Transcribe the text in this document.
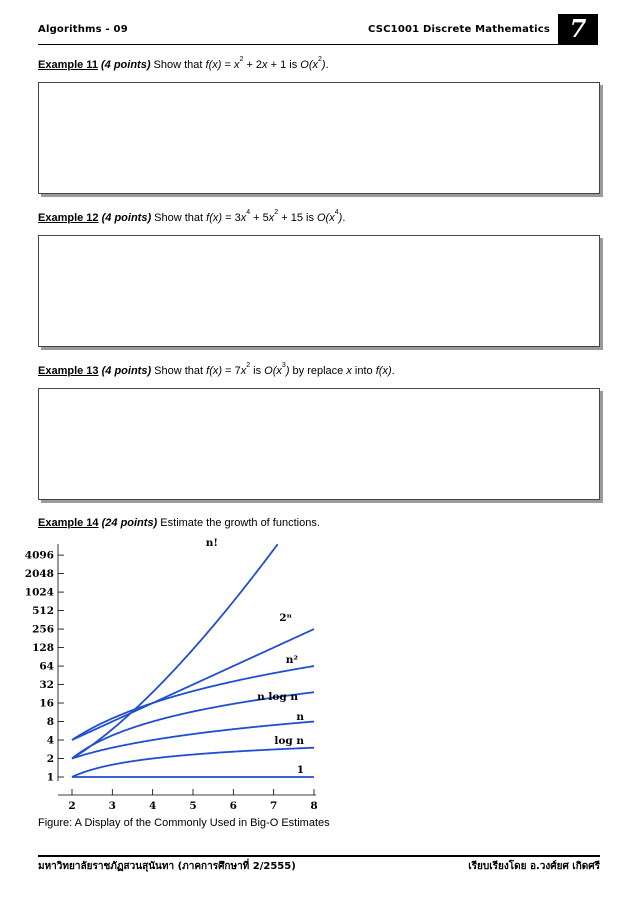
Algorithms - 09	CSC1001 Discrete Mathematics 7
Example 11 (4 points) Show that $f(x) = x^2 + 2x + 1$ is $O(x^2)$.
Example 12 (4 points) Show that $f(x) = 3x^4 + 5x^2 + 15$ is $O(x^4)$.
Example 13 (4 points) Show that $f(x) = 7x^2$ is $O(x^3)$ by replace x into f(x).
Example 14 (24 points) Estimate the growth of functions.
1
2
4
8
16
32
64
128
256
512
1024
2048
4096
2	3	4	5	6	7	8
n!
2ⁿ
n²
n log n
n
log n
1
Figure: A Display of the Commonly Used in Big-O Estimates
มหาวิทยาลัยราชภัฏสวนสุนันทา (ภาคการศึกษาที่ 2/2555)	เรียบเรียงโดย อ.วงศ์ยศ เกิดศรี
